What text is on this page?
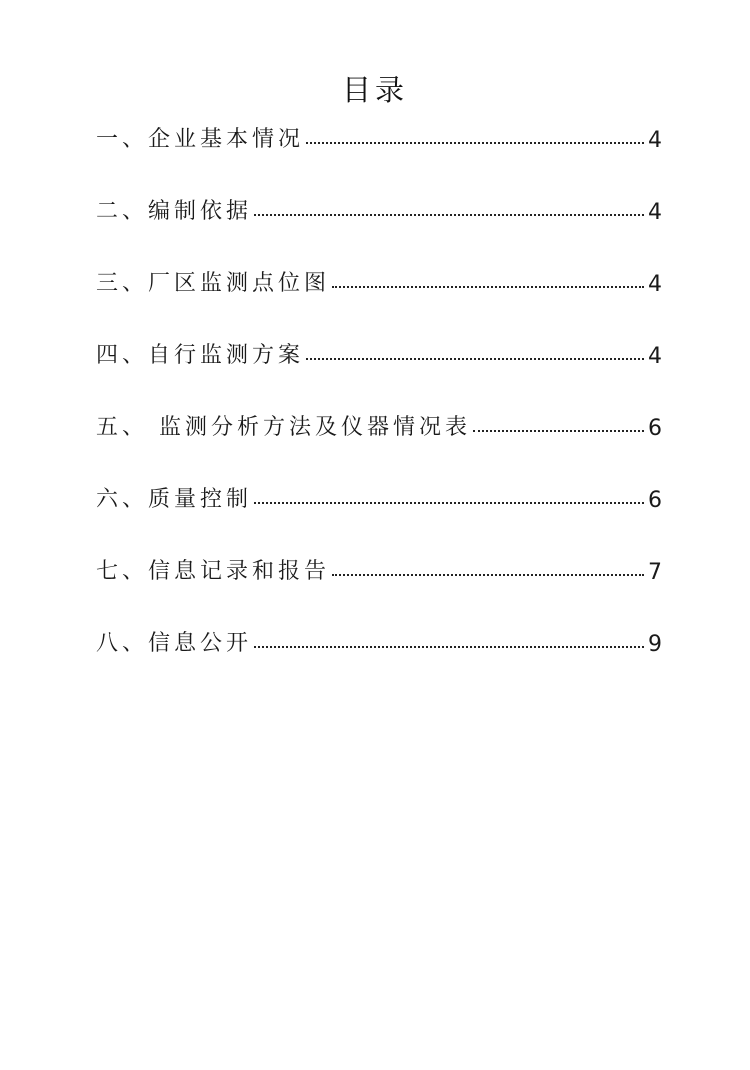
目录
一、企业基本情况	4
二、编制依据	4
三、厂区监测点位图	4
四、自行监测方案	4
五、 监测分析方法及仪器情况表	6
六、质量控制	6
七、信息记录和报告	7
八、信息公开	9
